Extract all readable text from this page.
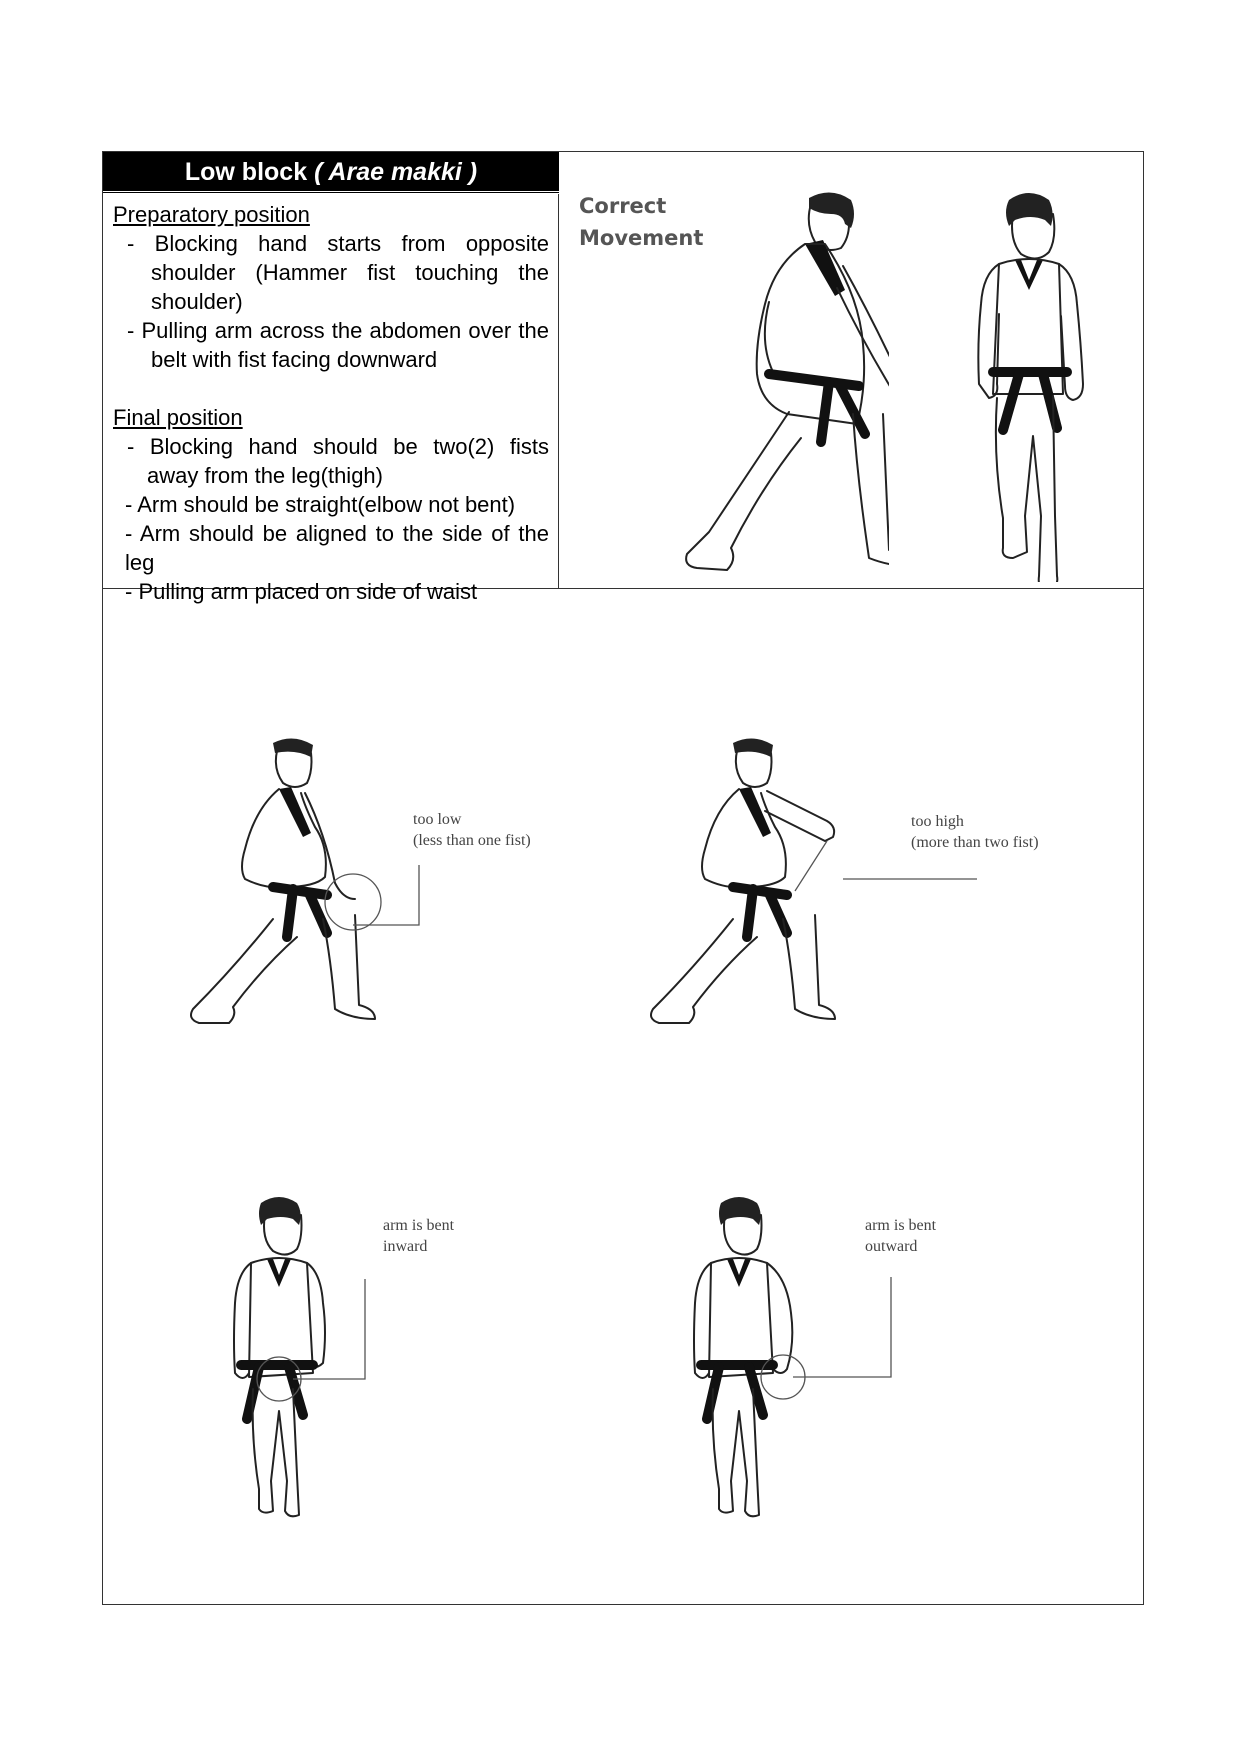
Low block ( Arae makki )
Preparatory position
- Blocking hand starts from opposite shoulder (Hammer fist touching the shoulder)
- Pulling arm across the abdomen over the belt with fist facing downward
Final position
- Blocking hand should be two(2) fists away from the leg(thigh)
- Arm should be straight(elbow not bent)
- Arm should be aligned to the side of the leg
- Pulling arm placed on side of waist
Correct
Movement
too low
(less than one fist)
too high
(more than two fist)
arm is bent
inward
arm is bent
outward
